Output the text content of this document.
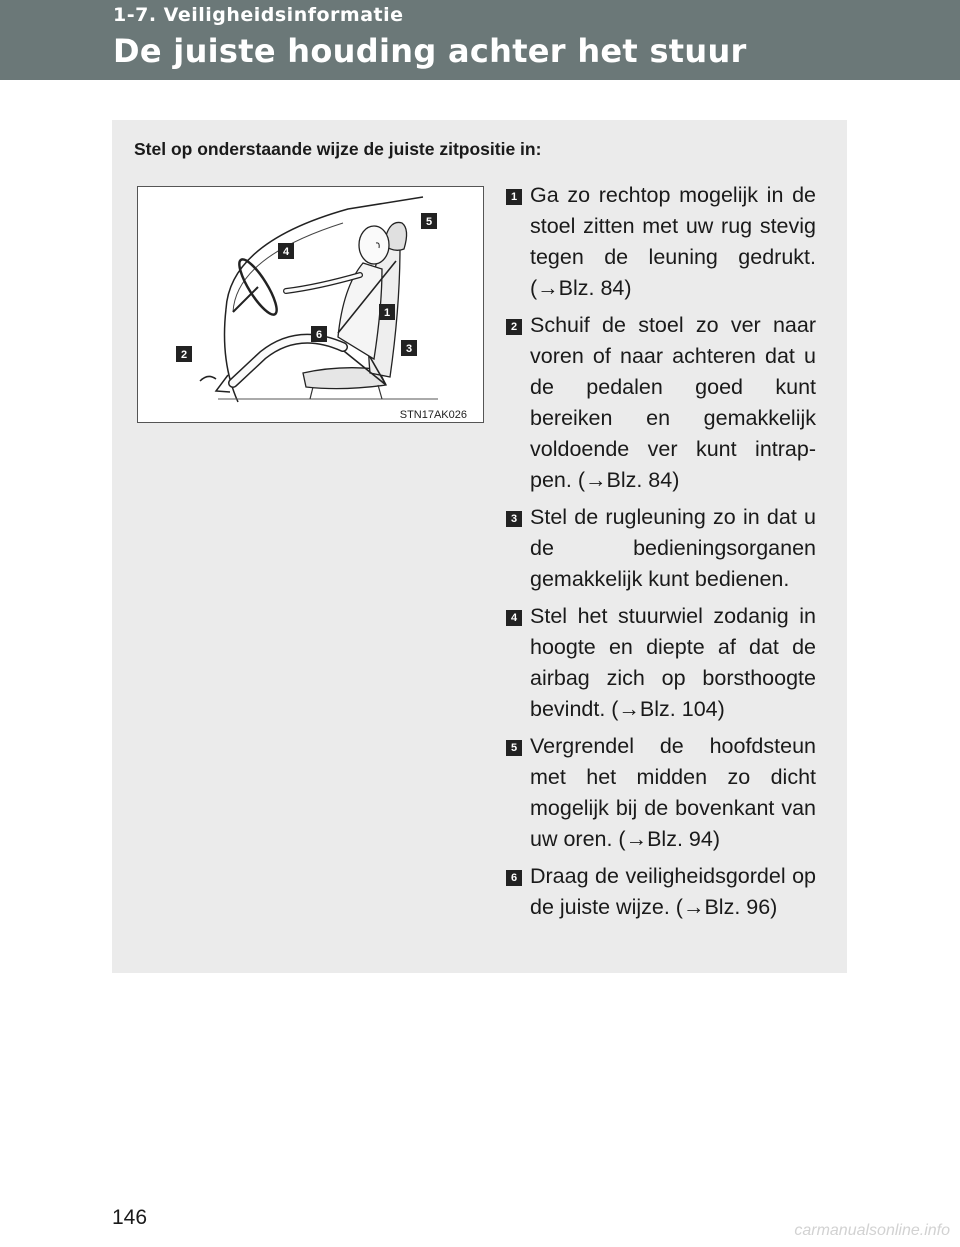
1-7. Veiligheidsinformatie
De juiste houding achter het stuur
Stel op onderstaande wijze de juiste zitpositie in:
1
2	3
4
5
6
STN17AK026
1 Ga zo rechtop mogelijk in de stoel zitten met uw rug stevig tegen de leuning gedrukt. (→Blz. 84)
2 Schuif de stoel zo ver naar voren of naar achteren dat u de pedalen goed kunt bereiken en gemakkelijk voldoende ver kunt intrap-pen. (→Blz. 84)
3 Stel de rugleuning zo in dat u de bedieningsorganen gemakkelijk kunt bedienen.
4 Stel het stuurwiel zodanig in hoogte en diepte af dat de airbag zich op borsthoogte bevindt. (→Blz. 104)
5 Vergrendel de hoofdsteun met het midden zo dicht mogelijk bij de bovenkant van uw oren. (→Blz. 94)
6 Draag de veiligheidsgordel op de juiste wijze. (→Blz. 96)
146
carmanualsonline.info
